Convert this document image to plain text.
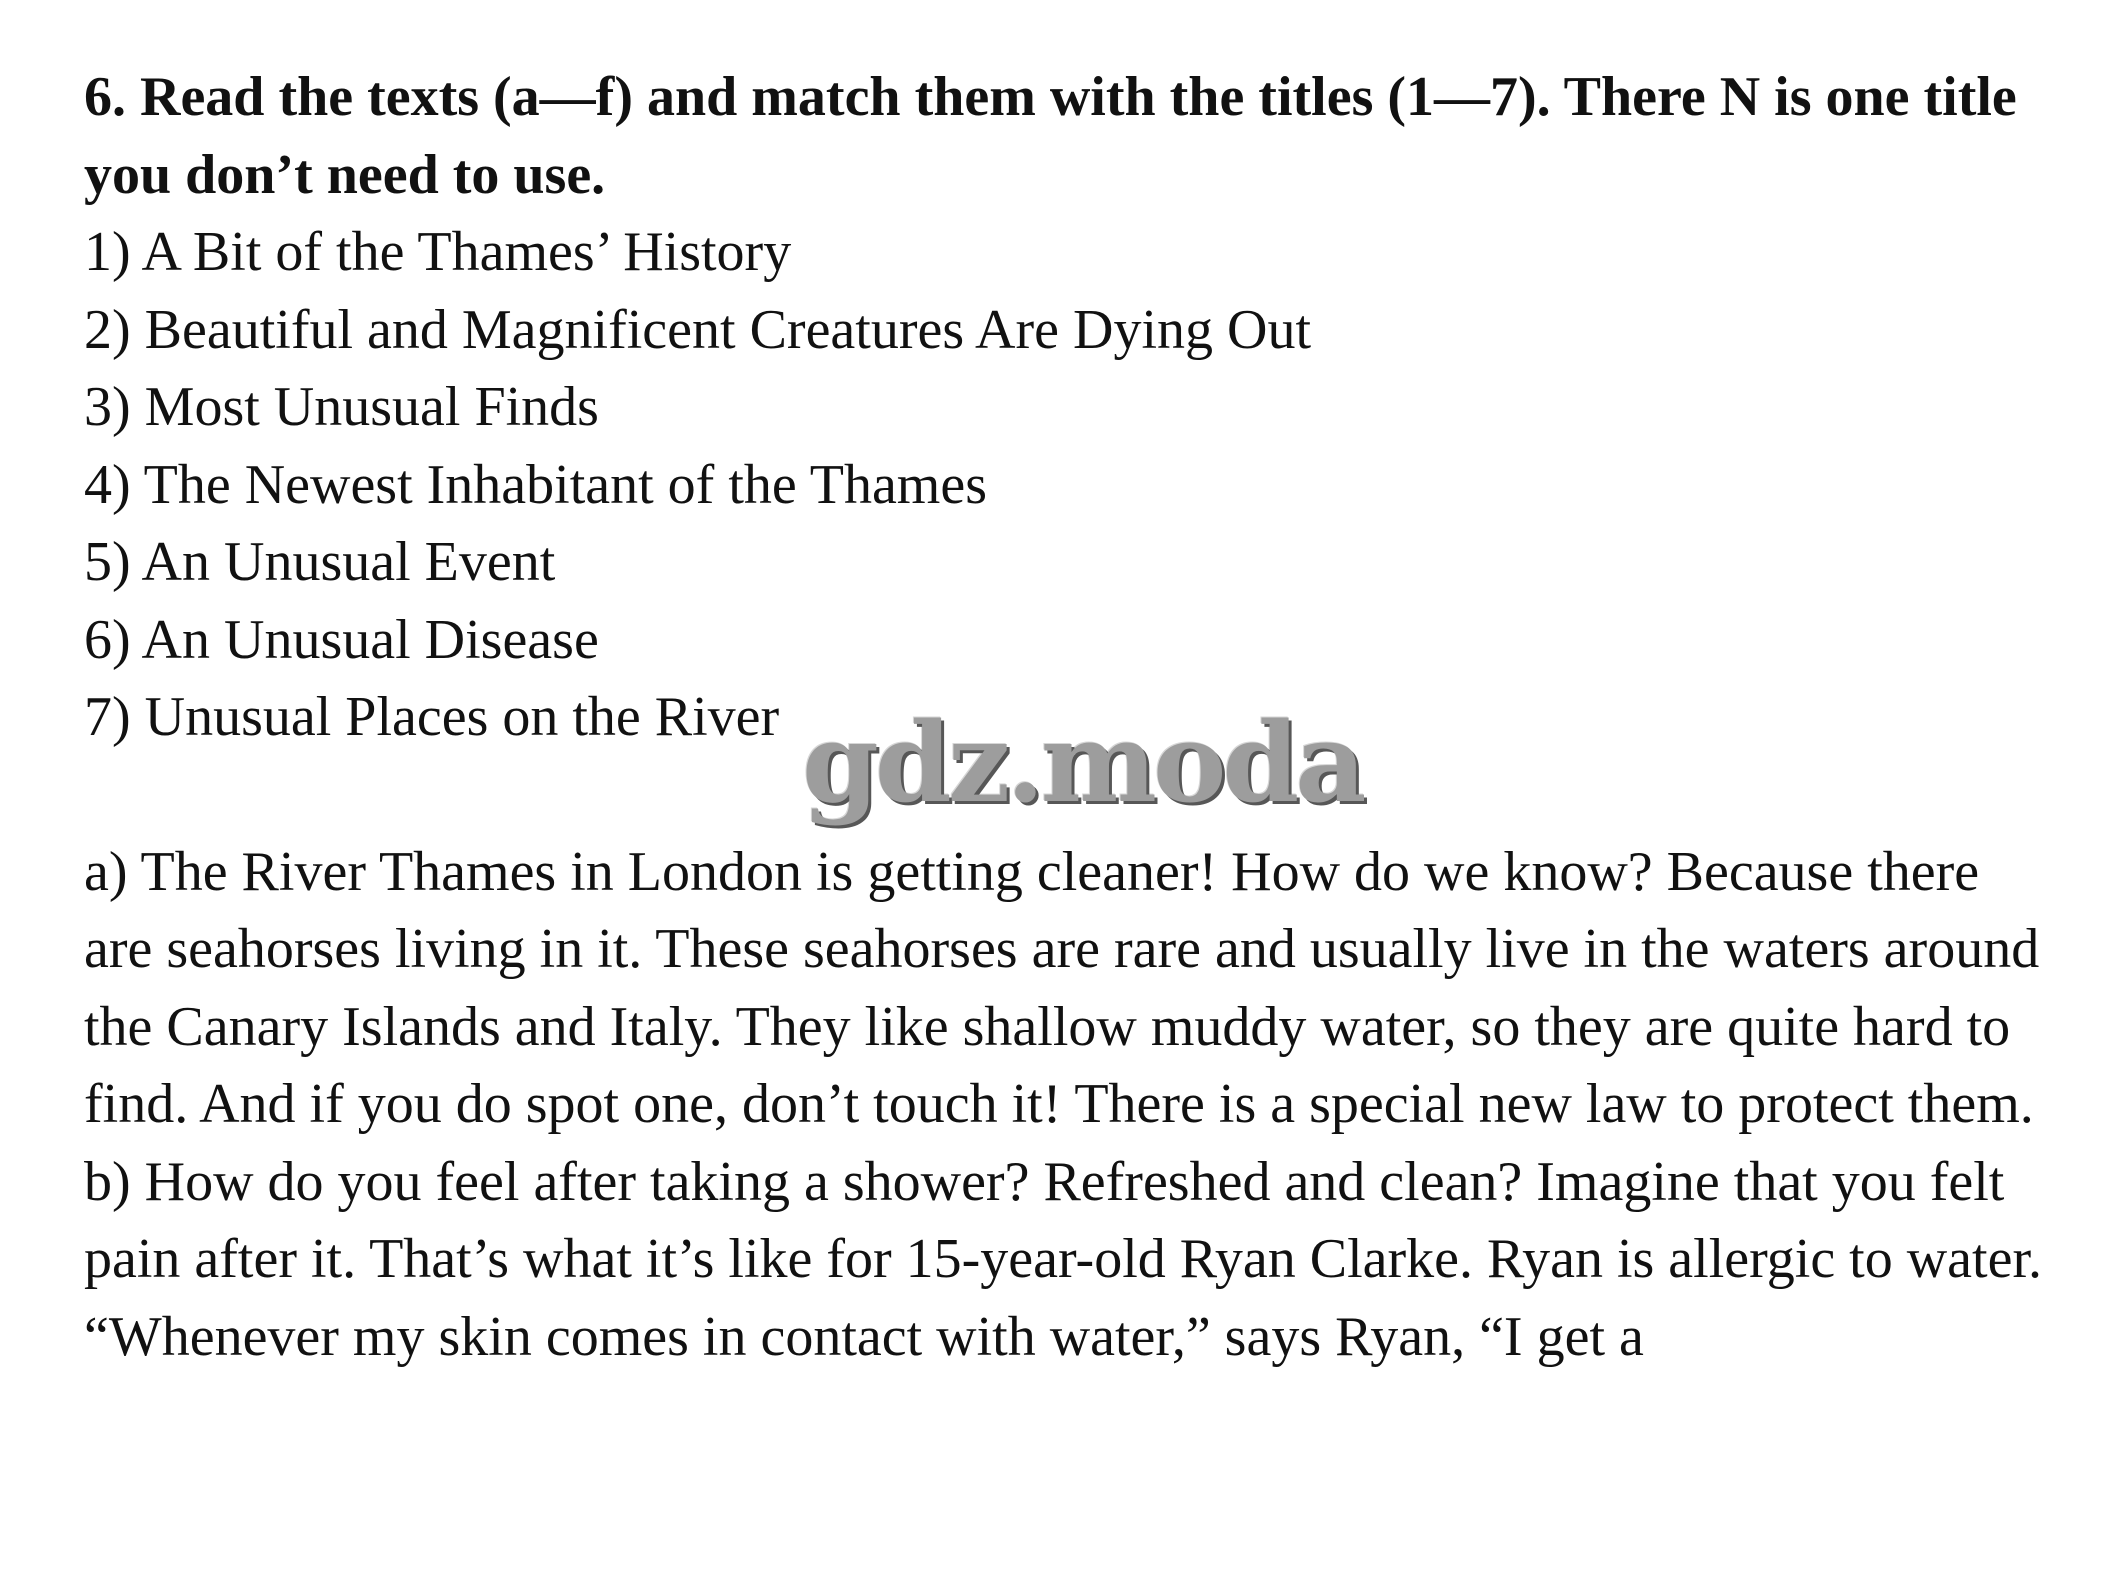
6. Read the texts (a—f) and match them with the titles (1—7). There N is one title you don’t need to use.

1) A Bit of the Thames’ History
2) Beautiful and Magnificent Creatures Are Dying Out
3) Most Unusual Finds
4) The Newest Inhabitant of the Thames
5) An Unusual Event
6) An Unusual Disease
7) Unusual Places on the River

a) The River Thames in London is getting cleaner! How do we know? Because there are seahorses living in it. These seahorses are rare and usually live in the waters around the Canary Islands and Italy. They like shallow muddy water, so they are quite hard to find. And if you do spot one, don’t touch it! There is a special new law to protect them.

b) How do you feel after taking a shower? Refreshed and clean? Imagine that you felt pain after it. That’s what it’s like for 15-year-old Ryan Clarke. Ryan is allergic to water. “Whenever my skin comes in contact with water,” says Ryan, “I get a

gdz.moda
